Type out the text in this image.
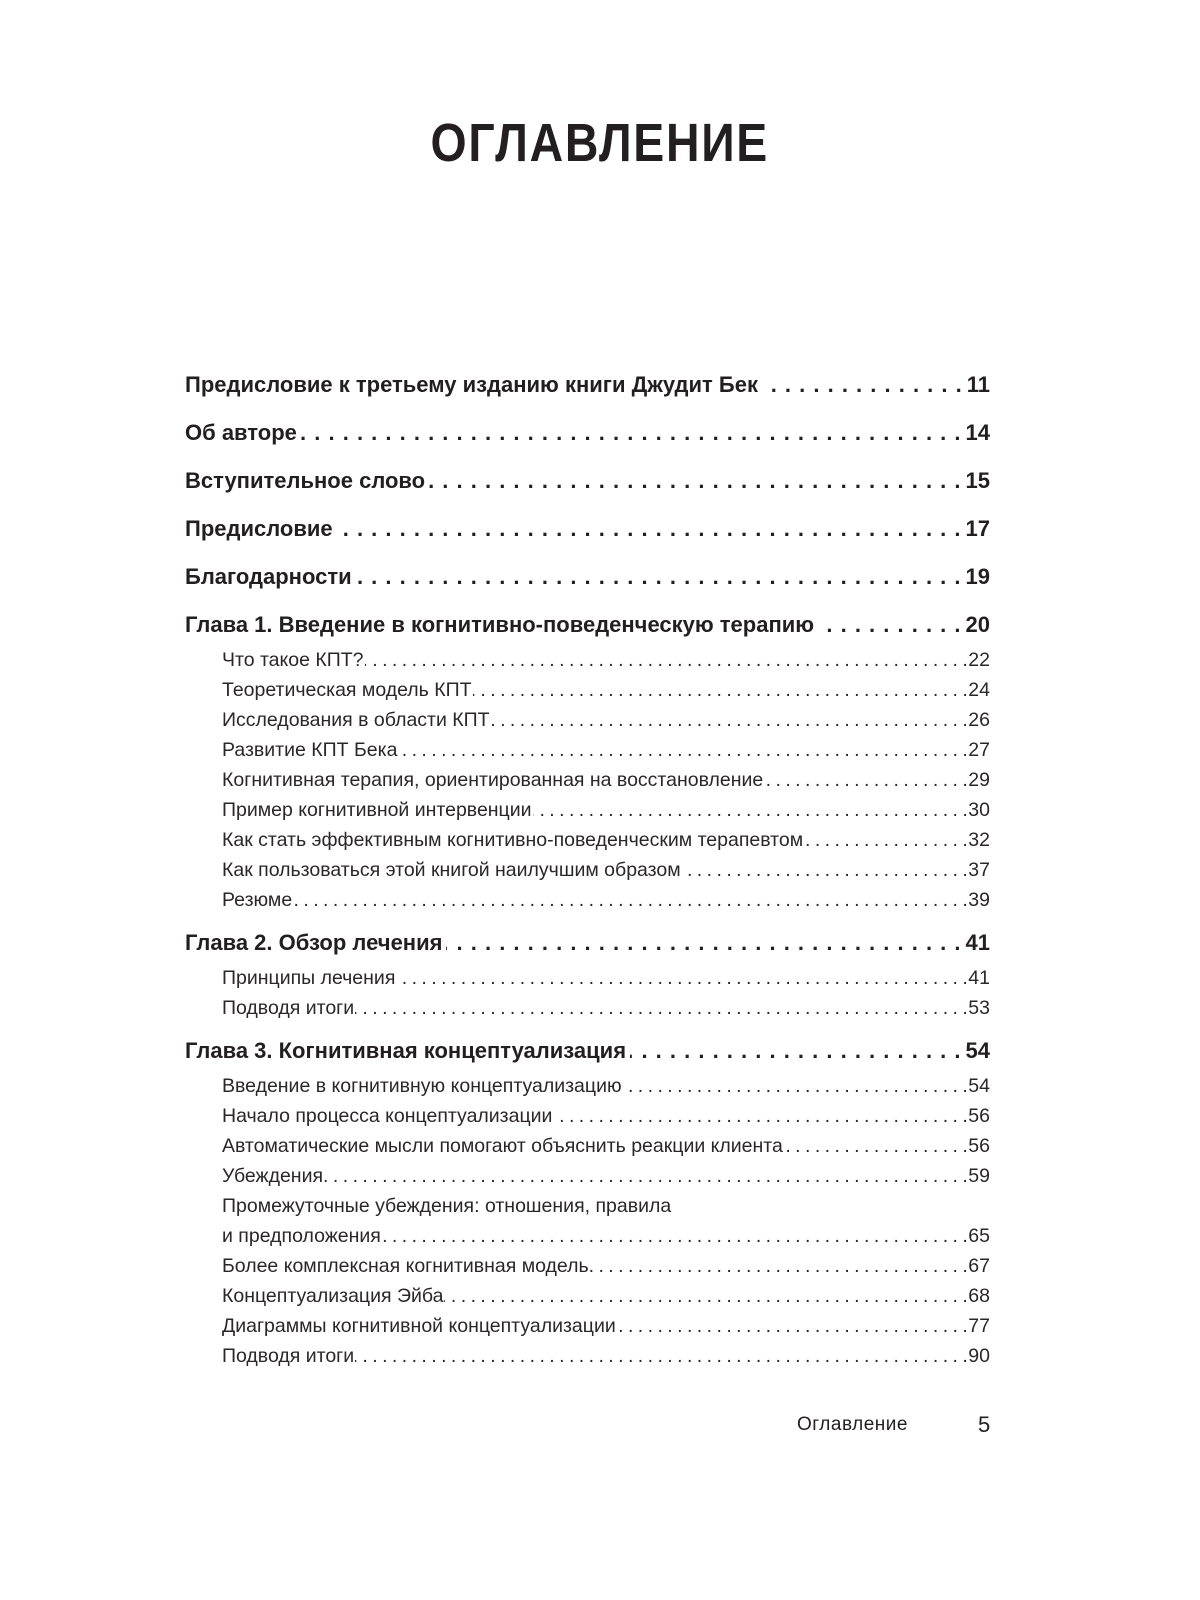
ОГЛАВЛЕНИЕ
Предисловие к третьему изданию книги Джудит Бек . . .	11
Об авторе . . .	14
Вступительное слово . . .	15
Предисловие . . .	17
Благодарности . . .	19
Глава 1. Введение в когнитивно-поведенческую терапию . . .	20
Что такое КПТ? . . .	22
Теоретическая модель КПТ . . .	24
Исследования в области КПТ . . .	26
Развитие КПТ Бека . . .	27
Когнитивная терапия, ориентированная на восстановление . . .	29
Пример когнитивной интервенции . . .	30
Как стать эффективным когнитивно-поведенческим терапевтом . . .	32
Как пользоваться этой книгой наилучшим образом . . .	37
Резюме . . .	39
Глава 2. Обзор лечения . . .	41
Принципы лечения . . .	41
Подводя итоги . . .	53
Глава 3. Когнитивная концептуализация . . .	54
Введение в когнитивную концептуализацию . . .	54
Начало процесса концептуализации . . .	56
Автоматические мысли помогают объяснить реакции клиента . . .	56
Убеждения . . .	59
Промежуточные убеждения: отношения, правила
и предположения . . .	65
Более комплексная когнитивная модель . . .	67
Концептуализация Эйба . . .	68
Диаграммы когнитивной концептуализации . . .	77
Подводя итоги . . .	90
Оглавление	5
